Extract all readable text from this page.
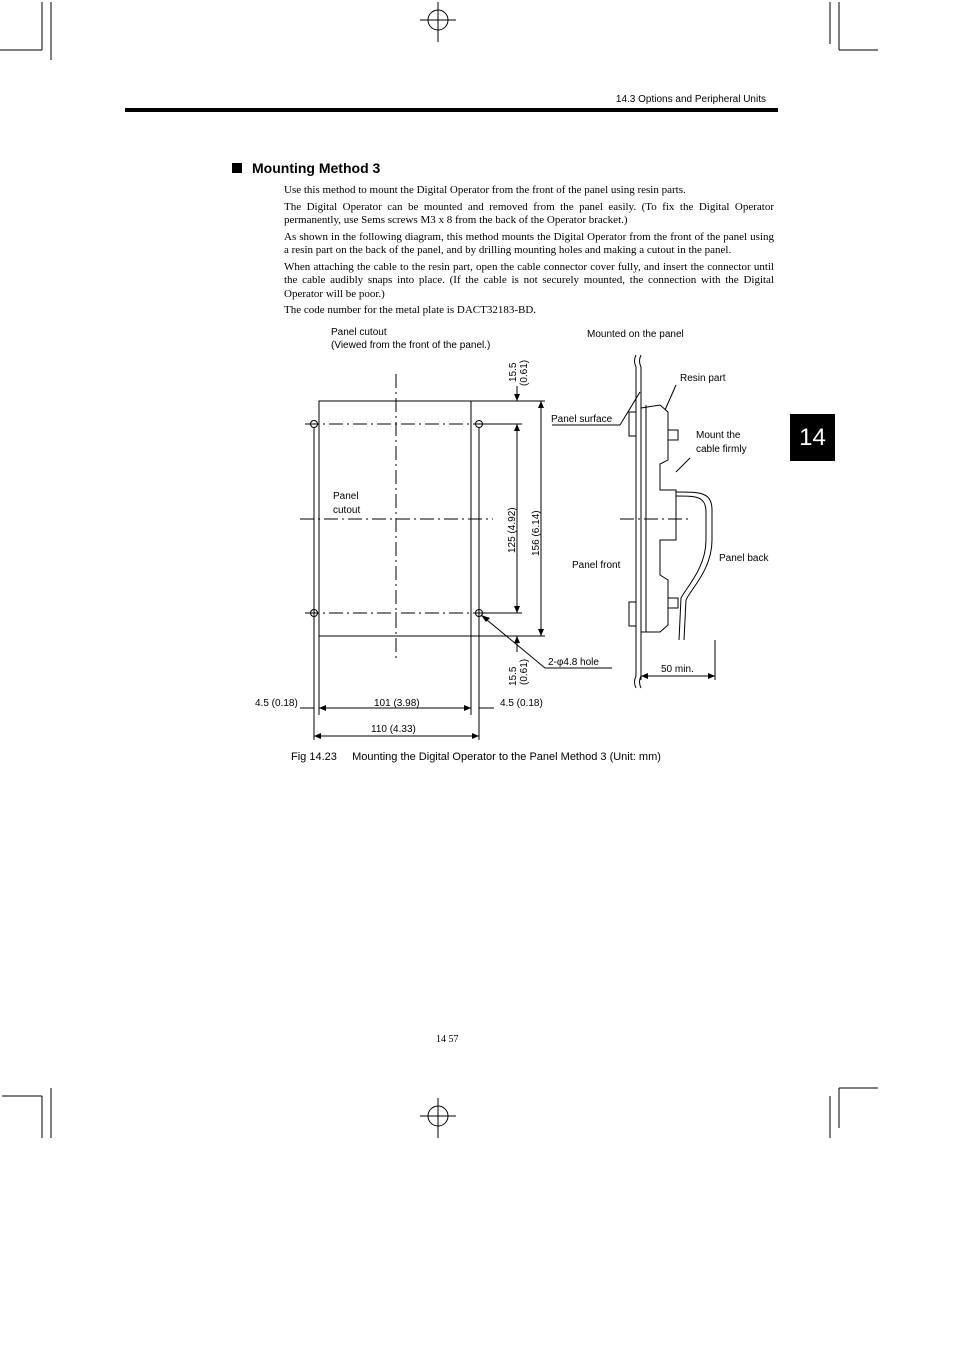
14.3 Options and Peripheral Units
14
Mounting Method 3

Use this method to mount the Digital Operator from the front of the panel using resin parts.

The Digital Operator can be mounted and removed from the panel easily. (To fix the Digital Operator permanently, use Sems screws M3 x 8 from the back of the Operator bracket.)

As shown in the following diagram, this method mounts the Digital Operator from the front of the panel using a resin part on the back of the panel, and by drilling mounting holes and making a cutout in the panel.

When attaching the cable to the resin part, open the cable connector cover fully, and insert the connector until the cable audibly snaps into place. (If the cable is not securely mounted, the connection with the Digital Operator will be poor.)

The code number for the metal plate is DACT32183-BD.

Panel cutout
(Viewed from the front of the panel.)
Mounted on the panel
Panel
cutout
15.5 (0.61)
125 (4.92) 156 (6.14)
15.5 (0.61) 2-φ4.8 hole
4.5 (0.18)	101 (3.98)	4.5 (0.18)
110 (4.33)
Panel surface
Resin part
Mount the
cable firmly
Panel front
Panel back
50 min.
Fig 14.23     Mounting the Digital Operator to the Panel Method 3 (Unit: mm)
14 57
